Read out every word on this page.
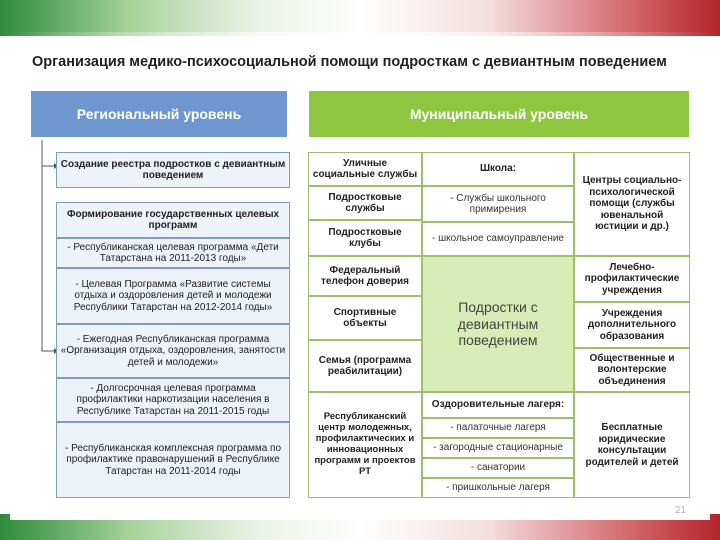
Организация медико-психосоциальной помощи подросткам с девиантным поведением
Региональный уровень
Создание реестра подростков с девиантным поведением
Формирование государственных целевых программ
- Республиканская целевая программа «Дети Татарстана на 2011-2013 годы»
- Целевая Программа «Развитие системы отдыха и оздоровления детей и молодежи Республики Татарстан на 2012-2014 годы»
- Ежегодная Республиканская программа «Организация отдыха, оздоровления, занятости детей и молодежи»
- Долгосрочная целевая программа профилактики наркотизации населения в Республике Татарстан на 2011-2015 годы
- Республиканская комплексная программа по профилактике правонарушений в Республике Татарстан на 2011-2014 годы
Муниципальный уровень
Уличные социальные службы
Подростковые службы
Подростковые клубы
Федеральный телефон доверия
Спортивные объекты
Семья (программа реабилитации)
Республиканский центр молодежных, профилактических и инновационных программ и проектов РТ
Школа:
- Службы школьного примирения
- школьное самоуправление
Подростки с девиантным поведением
Оздоровительные лагеря:
- палаточные лагеря
- загородные стационарные
- санатории
- пришкольные лагеря
Центры социально-психологической помощи (службы ювенальной юстиции и др.)
Лечебно-профилактические учреждения
Учреждения дополнительного образования
Общественные и волонтерские объединения
Бесплатные юридические консультации родителей и детей
21
